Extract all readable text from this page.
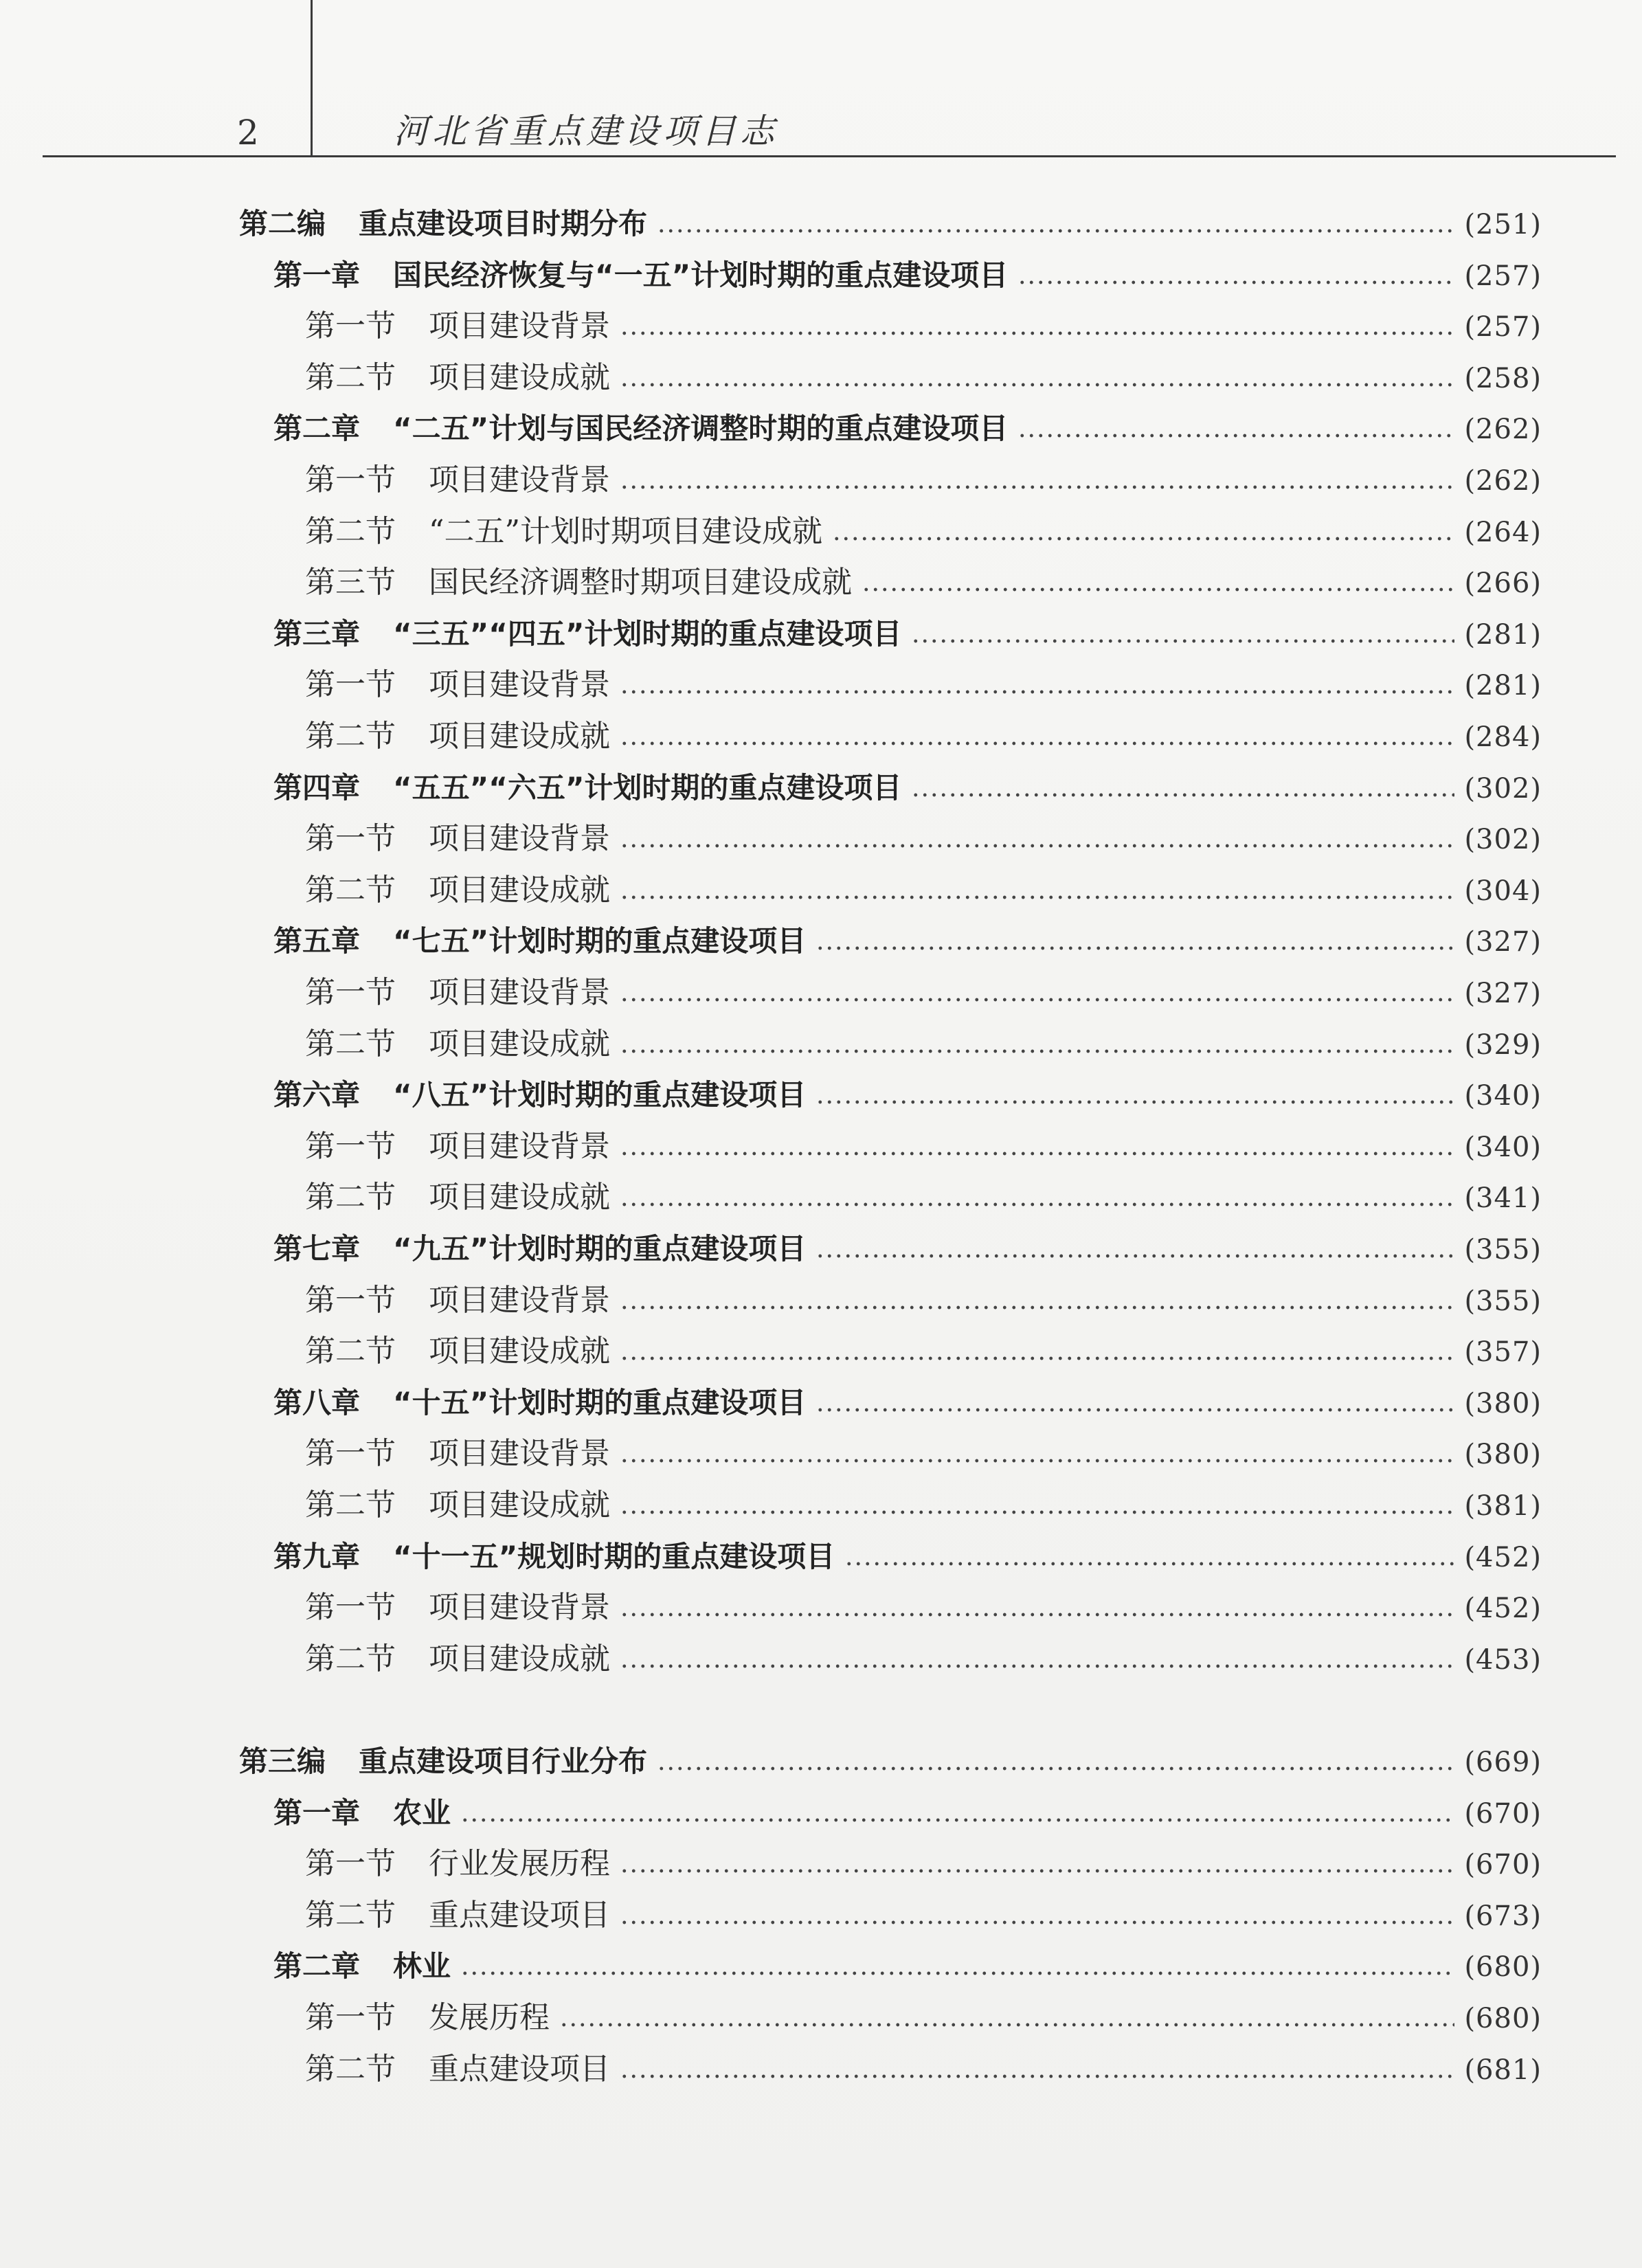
2	河北省重点建设项目志
第二编 重点建设项目时期分布	(251)
第一章 国民经济恢复与“一五”计划时期的重点建设项目	(257)
第一节 项目建设背景	(257)
第二节 项目建设成就	(258)
第二章 “二五”计划与国民经济调整时期的重点建设项目	(262)
第一节 项目建设背景	(262)
第二节 “二五”计划时期项目建设成就	(264)
第三节 国民经济调整时期项目建设成就	(266)
第三章 “三五”“四五”计划时期的重点建设项目	(281)
第一节 项目建设背景	(281)
第二节 项目建设成就	(284)
第四章 “五五”“六五”计划时期的重点建设项目	(302)
第一节 项目建设背景	(302)
第二节 项目建设成就	(304)
第五章 “七五”计划时期的重点建设项目	(327)
第一节 项目建设背景	(327)
第二节 项目建设成就	(329)
第六章 “八五”计划时期的重点建设项目	(340)
第一节 项目建设背景	(340)
第二节 项目建设成就	(341)
第七章 “九五”计划时期的重点建设项目	(355)
第一节 项目建设背景	(355)
第二节 项目建设成就	(357)
第八章 “十五”计划时期的重点建设项目	(380)
第一节 项目建设背景	(380)
第二节 项目建设成就	(381)
第九章 “十一五”规划时期的重点建设项目	(452)
第一节 项目建设背景	(452)
第二节 项目建设成就	(453)
第三编 重点建设项目行业分布	(669)
第一章 农业	(670)
第一节 行业发展历程	(670)
第二节 重点建设项目	(673)
第二章 林业	(680)
第一节 发展历程	(680)
第二节 重点建设项目	(681)
